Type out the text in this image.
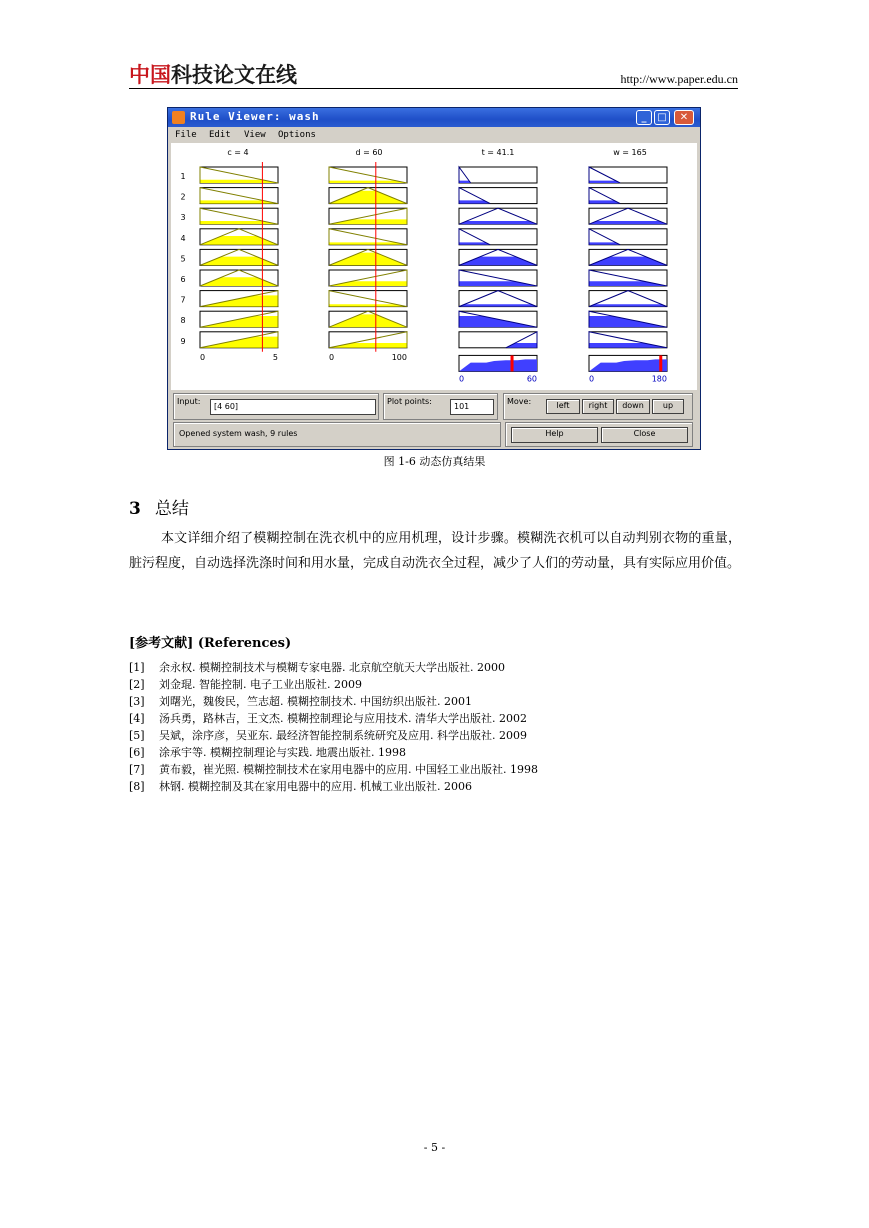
中国科技论文在线	http://www.paper.edu.cn
Rule Viewer: wash	_	□	✕
File Edit View Options
c = 4	d = 60	t = 41.1	w = 165
1
2
3
4
5
6
7
8
9
0	5	0	100
0	60	0	180
Input:
[4 60]
Plot points:
101
Move:	left	right	down	up
Opened system wash, 9 rules	Help	Close
图 1-6 动态仿真结果
3 总结
本文详细介绍了模糊控制在洗衣机中的应用机理，设计步骤。模糊洗衣机可以自动判别衣物的重量，脏污程度，自动选择洗涤时间和用水量，完成自动洗衣全过程，减少了人们的劳动量，具有实际应用价值。
[参考文献] (References)
[1] 余永权. 模糊控制技术与模糊专家电器. 北京航空航天大学出版社. 2000
[2] 刘金琨. 智能控制. 电子工业出版社. 2009
[3] 刘曙光，魏俊民，竺志超. 模糊控制技术. 中国纺织出版社. 2001
[4] 汤兵勇，路林吉，王文杰. 模糊控制理论与应用技术. 清华大学出版社. 2002
[5] 吴斌，涂序彦，吴亚东. 最经济智能控制系统研究及应用. 科学出版社. 2009
[6] 涂承宇等. 模糊控制理论与实践. 地震出版社. 1998
[7] 黄布毅，崔光照. 模糊控制技术在家用电器中的应用. 中国轻工业出版社. 1998
[8] 林钢. 模糊控制及其在家用电器中的应用. 机械工业出版社. 2006
- 5 -
